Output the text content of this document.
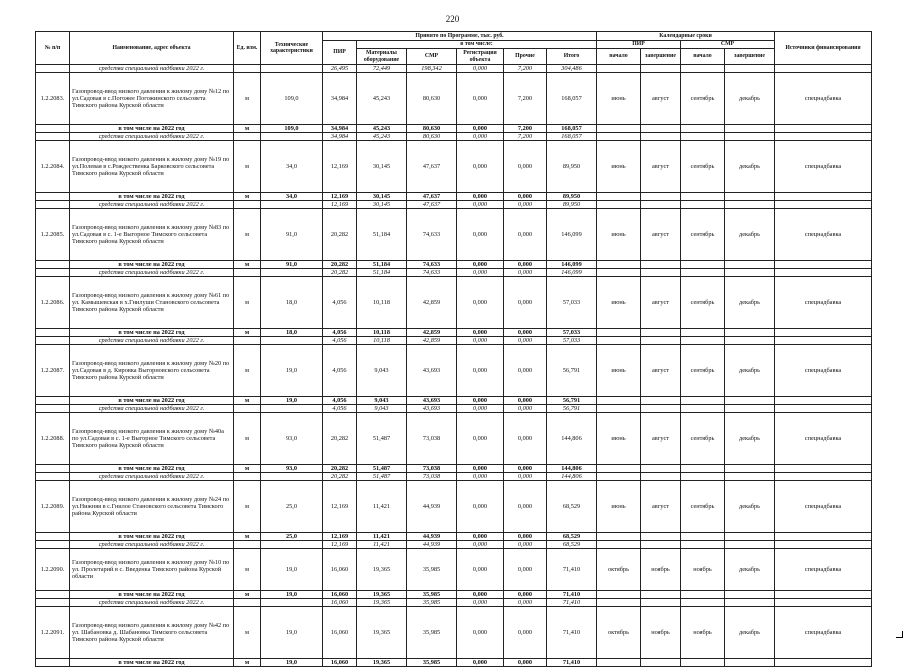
220
№ п/п	Наименование, адрес объекта	Ед. изм.	Технические характеристики	Принято по Программе, тыс. руб.						Календарные сроки				Источники финансирования
				ПИР	в том числе:					ПИР		СМР		
					Материалы оборудование	СМР	Регистрация объекта	Прочие	Итого	начало	завершение	начало	завершение	
	средства специальной надбавки 2022 г.			26,495	72,449	198,342	0,000	7,200	304,486					
1.2.2083.	Газопровод-ввод низкого давления к жилому дому №12 по ул.Садовая в с.Погожее Погожинского сельсовета Тимского района Курской области	м	109,0	34,984	45,243	80,630	0,000	7,200	168,057	июнь	август	сентябрь	декабрь	спецнадбавка
	в том числе на 2022 год	м	109,0	34,984	45,243	80,630	0,000	7,200	168,057					
	средства специальной надбавки 2022 г.			34,984	45,243	80,630	0,000	7,200	168,057					
1.2.2084.	Газопровод-ввод низкого давления к жилому дому №19 по ул.Полевая в с.Рождественка Барковского сельсовета Тимского района Курской области	м	34,0	12,169	30,145	47,637	0,000	0,000	89,950	июнь	август	сентябрь	декабрь	спецнадбавка
	в том числе на 2022 год	м	34,0	12,169	30,145	47,637	0,000	0,000	89,950					
	средства специальной надбавки 2022 г.			12,169	30,145	47,637	0,000	0,000	89,950					
1.2.2085.	Газопровод-ввод низкого давления к жилому дому №83 по ул.Садовая в с. 1-е Выгорное Тимского сельсовета Тимского района Курской области	м	91,0	20,282	51,184	74,633	0,000	0,000	146,099	июнь	август	сентябрь	декабрь	спецнадбавка
	в том числе на 2022 год	м	91,0	20,282	51,184	74,633	0,000	0,000	146,099					
	средства специальной надбавки 2022 г.			20,282	51,184	74,633	0,000	0,000	146,099					
1.2.2086.	Газопровод-ввод низкого давления к жилому дому №61 по ул. Камышевская в х.Гнилуши Становского сельсовета Тимского района Курской области	м	18,0	4,056	10,118	42,859	0,000	0,000	57,033	июнь	август	сентябрь	декабрь	спецнадбавка
	в том числе на 2022 год	м	18,0	4,056	10,118	42,859	0,000	0,000	57,033					
	средства специальной надбавки 2022 г.			4,056	10,118	42,859	0,000	0,000	57,033					
1.2.2087.	Газопровод-ввод низкого давления к жилому дому №20 по ул.Садовая в д. Кировка Выгорновского сельсовета Тимского района Курской области	м	19,0	4,056	9,043	43,693	0,000	0,000	56,791	июнь	август	сентябрь	декабрь	спецнадбавка
	в том числе на 2022 год	м	19,0	4,056	9,043	43,693	0,000	0,000	56,791					
	средства специальной надбавки 2022 г.			4,056	9,043	43,693	0,000	0,000	56,791					
1.2.2088.	Газопровод-ввод низкого давления к жилому дому №40а по ул.Садовая в с. 1-е Выгорное Тимского сельсовета Тимского района Курской области	м	93,0	20,282	51,487	73,038	0,000	0,000	144,806	июнь	август	сентябрь	декабрь	спецнадбавка
	в том числе на 2022 год	м	93,0	20,282	51,487	73,038	0,000	0,000	144,806					
	средства специальной надбавки 2022 г.			20,282	51,487	73,038	0,000	0,000	144,806					
1.2.2089.	Газопровод-ввод низкого давления к жилому дому №24 по ул.Нижняя в с.Гнилое Становского сельсовета Тимского района Курской области	м	25,0	12,169	11,421	44,939	0,000	0,000	68,529	июнь	август	сентябрь	декабрь	спецнадбавка
	в том числе на 2022 год	м	25,0	12,169	11,421	44,939	0,000	0,000	68,529					
	средства специальной надбавки 2022 г.			12,169	11,421	44,939	0,000	0,000	68,529					
1.2.2090.	Газопровод-ввод низкого давления к жилому дому №10 по ул. Пролетарий в с. Введенка Тимского района Курской области	м	19,0	16,060	19,365	35,985	0,000	0,000	71,410	октябрь	ноябрь	ноябрь	декабрь	спецнадбавка
	в том числе на 2022 год	м	19,0	16,060	19,365	35,985	0,000	0,000	71,410					
	средства специальной надбавки 2022 г.			16,060	19,365	35,985	0,000	0,000	71,410					
1.2.2091.	Газопровод-ввод низкого давления к жилому дому №42 по ул. Шабановка д. Шабановка Тимского сельсовета Тимского района Курской области	м	19,0	16,060	19,365	35,985	0,000	0,000	71,410	октябрь	ноябрь	ноябрь	декабрь	спецнадбавка
	в том числе на 2022 год	м	19,0	16,060	19,365	35,985	0,000	0,000	71,410					
